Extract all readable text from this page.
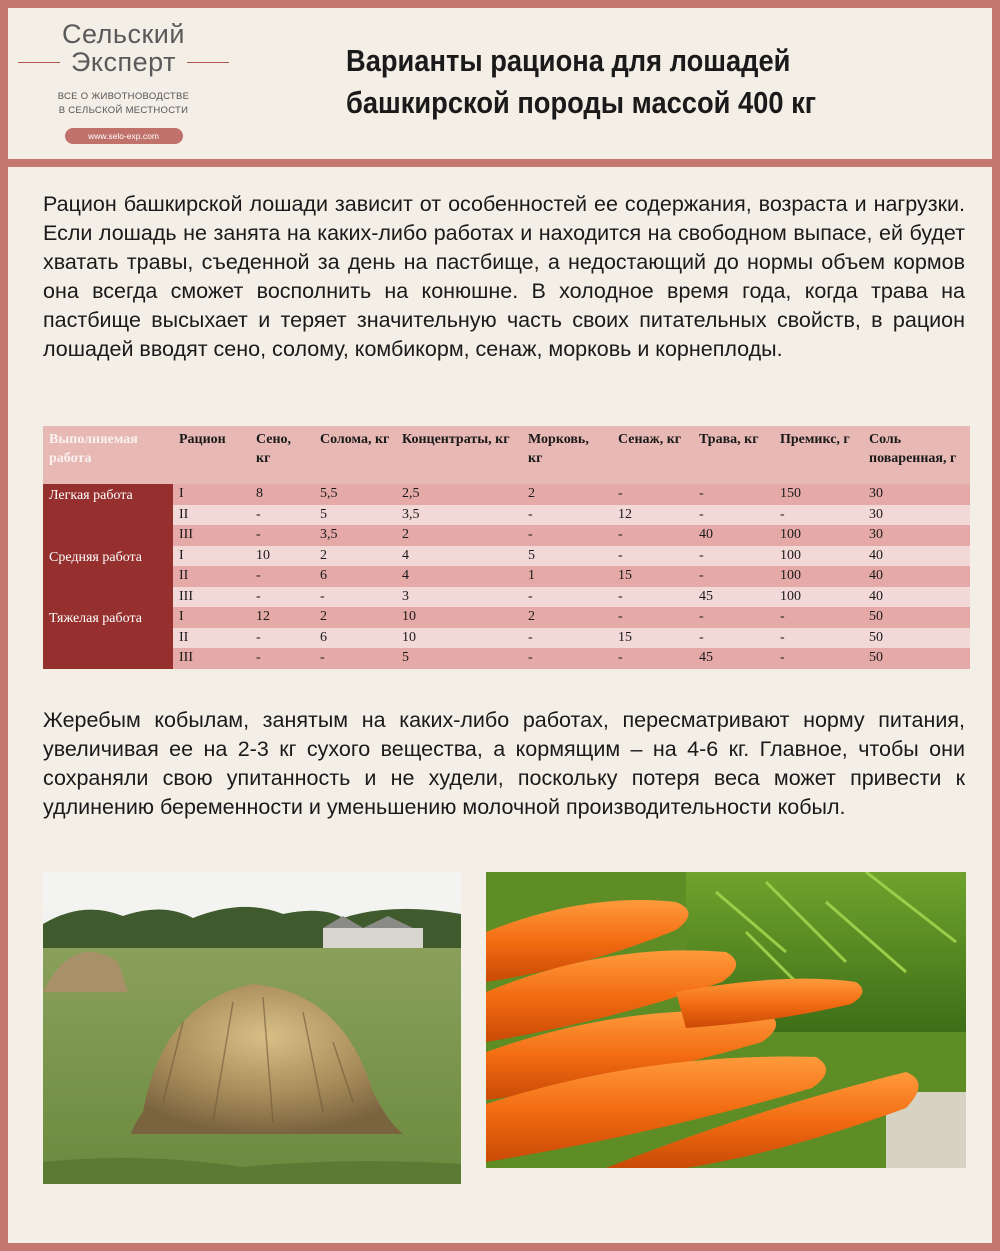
Сельский
Эксперт
ВСЕ О ЖИВОТНОВОДСТВЕ
В СЕЛЬСКОЙ МЕСТНОСТИ
www.selo-exp.com
Варианты рациона для лошадей
башкирской породы массой 400 кг
Рацион башкирской лошади зависит от особенностей ее содержания, возраста и нагрузки. Если лошадь не занята на каких-либо работах и находится на свободном выпасе, ей будет хватать травы, съеденной за день на пастбище, а недостающий до нормы объем кормов она всегда сможет восполнить на конюшне. В холодное время года, когда трава на пастбище высыхает и теряет значительную часть своих питательных свойств, в рацион лошадей вводят сено, солому, комбикорм, сенаж, морковь и корнеплоды.
Выполняемая работа	Рацион	Сено, кг	Солома, кг	Концентраты, кг	Морковь, кг	Сенаж, кг	Трава, кг	Премикс, г	Соль поваренная, г
Легкая работа	I	8	5,5	2,5	2	-	-	150	30
	II	-	5	3,5	-	12	-	-	30
	III	-	3,5	2	-	-	40	100	30
Средняя работа	I	10	2	4	5	-	-	100	40
	II	-	6	4	1	15	-	100	40
	III	-	-	3	-	-	45	100	40
Тяжелая работа	I	12	2	10	2	-	-	-	50
	II	-	6	10	-	15	-	-	50
	III	-	-	5	-	-	45	-	50
Жеребым кобылам, занятым на каких-либо работах, пересматривают норму питания, увеличивая ее на 2-3 кг сухого вещества, а кормящим – на 4-6 кг. Главное, чтобы они сохраняли свою упитанность и не худели, поскольку потеря веса может привести к удлинению беременности и уменьшению молочной производительности кобыл.
